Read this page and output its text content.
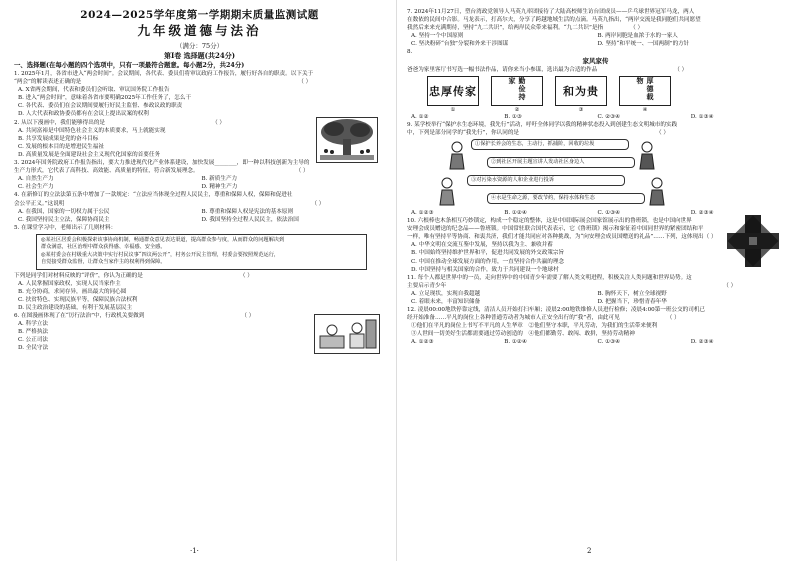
2024—2025学年度第一学期期末质量监测试题
九年级道德与法治
（满分：75分）
第Ⅰ卷 选择题(共24分)
一、选择题(在每小题的四个选项中，只有一项最符合题意。每小题2分，共24分)

1. 2025年1月，各省市进入“两会时间”。会议期间，各代表、委员们将审议政府工作报告，履行好各自的职责。以下关于

“两会”的解读表述正确的是	（ ）

A. X省两会期间，代表和委员们会听取、审议国务院工作报告

B. 进入“两会时间”，意味着各省市要明确2025年工作任务了，怎么干

C. 各代表、委员们在会议期间要履行好民主监督、参政议政的职责

D. 人大代表和政协委员都有在会议上提出议案的权利

2. 从以下漫画中，我们能够得出的是	（ ）

A. 共同富裕是中国特色社会主义的本质要求，马上就能实现

B. 共享发展成果是党的奋斗目标

C. 发展的根本目的是增进民生福祉

D. 高质量发展是全面建设社会主义现代化国家的首要任务

3. 2024年国务院政府工作报告指出，要大力推进现代化产业体系建设，加快发展________，即一种以科技创新为主导的

生产力形式，它代表了高科技、高效能、高质量的特征，符合新发展理念。	（ ）

A. 自然生产力	B. 新质生产力
C. 社会生产力	D. 精神生产力

4. 在新修订的立法法第五条中增加了一款规定：“立法应当体现全过程人民民主，尊重和保障人权，保障和促进社

会公平正义。”这说明	（ ）

A. 在我国，国家的一切权力属于公民	B. 尊重和保障人权是宪法的基本原则
C. 我国坚持民主立法，保障协商民主	D. 我国坚持全过程人民民主，依法治国

5. 在课堂学习中，老师出示了几则材料：

◎某社区居委会积极探索该事协商机制，畅通群众意见表达渠道，提高群众参与度，从而群众的问题解决到
群众满意，社区治理中群众获得感、幸福感、安全感。
◎某村委会在村级重大决策中实行村民议事“四议两公开”，村务公开民主管理，村委会要按照规范运行，
自觉接受群众监督，让群众当家作主的权利得到保障。

下列是同学们对材料反映的“评价”，你认为正确的是	（ ）

A. 人民掌握国家政权，实现人民当家作主

B. 充分协商，求同存异，画出最大的同心圆

C. 扶贫特色、实现民族平等，保障民族合法权利

D. 民主政治建设的基础，有利于发展基层民主

6. 在图漫画体现了在“厉行法治”中，行政机关要做到	（ ）

A. 科学立法

B. 严格执法

C. 公正司法

D. 全民守法

·1·

7. 2024年11月27日，塑台湾政党领导人马英九率团接待了大陆高校师生访台团成员——乒乓球世界冠军马龙，两人

在数依的民间中合影。马龙表示，打高尔夫，分享了跨越地域生活的点滴。马英九指出，“两岸交流是我同胞们共同愿望

我然后来来充满期待，坚持“九二共识”，给两岸民众带来福利。“九二共识”是指	（ ）

A. 坚持一个中国原则	B. 两岸同胞是血浓于水的一家人
C. 坚决粉碎“台独”分裂和外来干涉图谋	D. 坚持“和平统一、一国两制”的方针

8.

家风家传

爸爸为家里客厅书写选一幅书法作品，请你来当小参谋，选出最为合适的作品	（ ）

忠厚传家	勤俭持家
和为贵	厚德载物
①	②	③	④
A. ①②	B. ①③	C. ②③④	D. ①③④

9. 某学校举行“保护水生态环境，我先行”活动，呼吁全体同学以我的精神状态投入到创建生态文明城市的实践

中，下列是部分同学的“我先行”，你认同的是	（ ）

①保护长养会的生态，主动行，抓捕阶，回收的垃圾
②到社区开展主题宣讲人发动社区身边人
③对污染水资源的人和企业进行投诉
④水是生命之源，要改节约，保持水体和生态
A. ①②③	B. ①②④	C. ①③④	D. ②③④

10. 六根棒也木条相互巧妙锁定，构成一个稳定的整体，这是中国国际展会国家馆展示出的鲁班锁，也是中国向世界

安理会成员赠送的纪念品——鲁班锁。中国常驻联合国代表表示，它《鲁班锁》揭示和象征着中国同世界的紧密团结和平

一样，唯有坚持平等协商、和衷共济，我们才能共同应对各种挑战，为“向安理会成员国赠送的礼品”……下列，这体现出（ ）

A. 中华文明在交流互鉴中发展，坚持以我为主、兼收并蓄

B. 中国始终坚持维护世界和平，促进共同发展的外交政策宗旨

C. 中国在推动全球发展方面的作用，一直坚持合作共赢的理念

D. 中国坚持与相关国家的合作，致力于共同建设一个地球村

11. 每个人都是世界中的一员，走向世界中的中国青少年需要了解人类文明进程，积极关注人类问题和世界局势。这

主要启示青少年	（ ）

A. 立足现状，实现自我超越	B. 胸怀天下，树立全球视野
C. 着眼未来，丰富知识储备	D. 把握当下，珍惜青春年华

12. 凌晨00:00地铁停靠定线，清洁人员开始打扫车厢；凌晨2:00地铁维修人员进行检修；凌晨4:00第一班公交的司机已

经开始准备……平凡的岗位上各种普通劳动者为城市人正安全出行的“我”者，由此可见	（ ）

①他们在平凡的岗位上书写不平凡的人生华章　 ②他们坚守本职，平凡劳动，为我们的生活带来便利

③人世间一切美好生活都需要通过劳动创造的　 ④他们都勤劳、敢闯、敢拼，坚持劳动精神

A. ①②③	B. ①②④	C. ①③④	D. ②③④
2
